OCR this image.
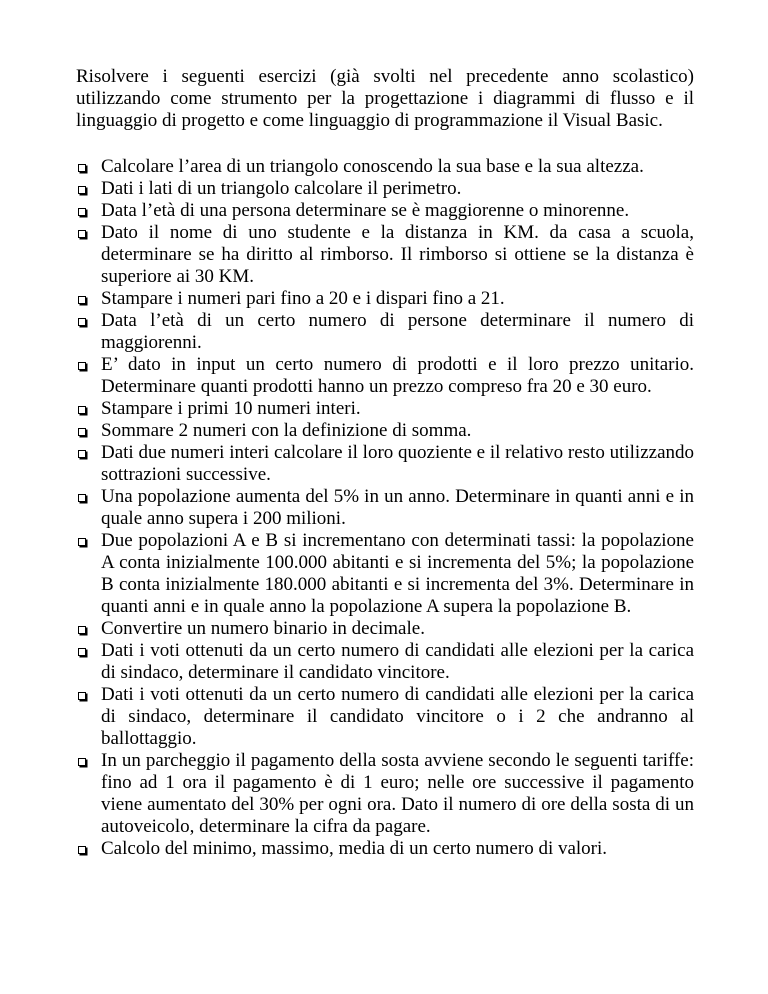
Risolvere i seguenti esercizi (già svolti nel precedente anno scolastico) utilizzando come strumento per la progettazione i diagrammi di flusso e il linguaggio di progetto e come linguaggio di programmazione il Visual Basic.

Calcolare l’area di un triangolo conoscendo la sua base e la sua altezza.
Dati i lati di un triangolo calcolare il perimetro.
Data l’età di una persona determinare se è maggiorenne o minorenne.
Dato il nome di uno studente e la distanza in KM. da casa a scuola, determinare se ha diritto al rimborso. Il rimborso si ottiene se la distanza è superiore ai 30 KM.
Stampare i numeri pari fino a 20 e i dispari fino a 21.
Data l’età di un certo numero di persone determinare il numero di maggiorenni.
E’ dato in input un certo numero di prodotti e il loro prezzo unitario. Determinare quanti prodotti hanno un prezzo compreso fra 20 e 30 euro.
Stampare i primi 10 numeri interi.
Sommare 2 numeri con la definizione di somma.
Dati due numeri interi calcolare il loro quoziente e il relativo resto utilizzando sottrazioni successive.
Una popolazione aumenta del 5% in un anno. Determinare in quanti anni e in quale anno supera i 200 milioni.
Due popolazioni A e B si incrementano con determinati tassi: la popolazione A conta inizialmente 100.000 abitanti e si incrementa del 5%; la popolazione B conta inizialmente 180.000 abitanti e si incrementa del 3%. Determinare in quanti anni e in quale anno la popolazione A supera la popolazione B.
Convertire un numero binario in decimale.
Dati i voti ottenuti da un certo numero di candidati alle elezioni per la carica di sindaco, determinare il candidato vincitore.
Dati i voti ottenuti da un certo numero di candidati alle elezioni per la carica di sindaco, determinare il candidato vincitore o i 2 che andranno al ballottaggio.
In un parcheggio il pagamento della sosta avviene secondo le seguenti tariffe: fino ad 1 ora il pagamento è di 1 euro; nelle ore successive il pagamento viene aumentato del 30% per ogni ora. Dato il numero di ore della sosta di un autoveicolo, determinare la cifra da pagare.
Calcolo del minimo, massimo, media di un certo numero di valori.
